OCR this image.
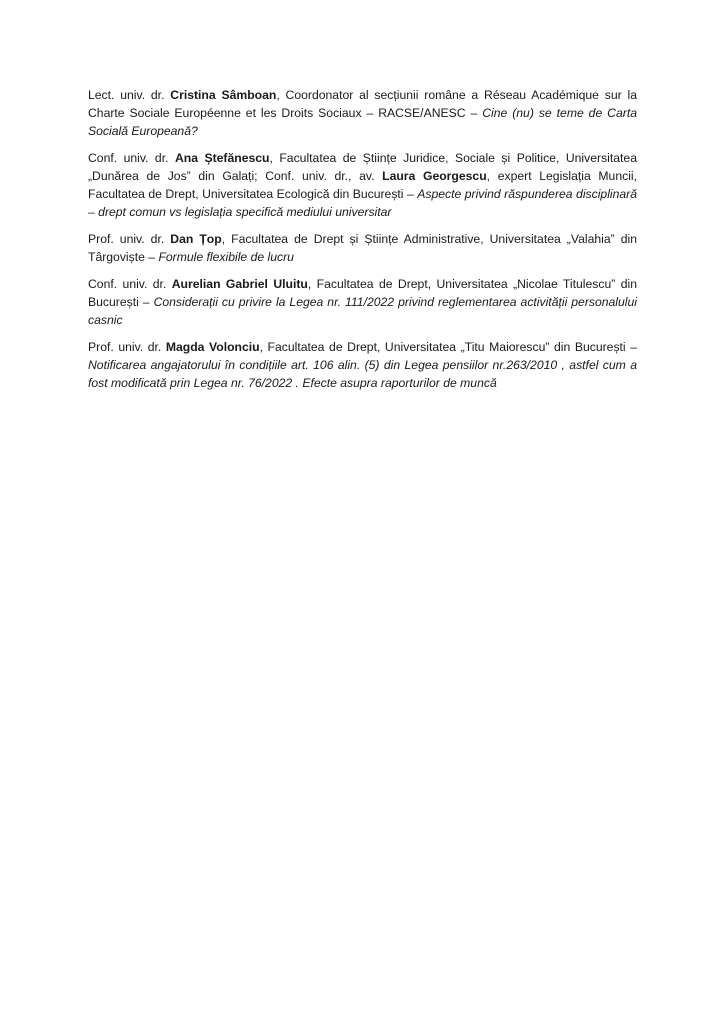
Lect. univ. dr. Cristina Sâmboan, Coordonator al secțiunii române a Réseau Académique sur la Charte Sociale Européenne et les Droits Sociaux – RACSE/ANESC – Cine (nu) se teme de Carta Socială Europeană?

Conf. univ. dr. Ana Ștefănescu, Facultatea de Științe Juridice, Sociale și Politice, Universitatea „Dunărea de Jos” din Galați; Conf. univ. dr., av. Laura Georgescu, expert Legislația Muncii, Facultatea de Drept, Universitatea Ecologică din București – Aspecte privind răspunderea disciplinară – drept comun vs legislația specifică mediului universitar

Prof. univ. dr. Dan Țop, Facultatea de Drept și Științe Administrative, Universitatea „Valahia” din Târgoviște – Formule flexibile de lucru

Conf. univ. dr. Aurelian Gabriel Uluitu, Facultatea de Drept, Universitatea „Nicolae Titulescu” din București – Considerații cu privire la Legea nr. 111/2022 privind reglementarea activității personalului casnic

Prof. univ. dr. Magda Volonciu, Facultatea de Drept, Universitatea „Titu Maiorescu” din București – Notificarea angajatorului în condițiile art. 106 alin. (5) din Legea pensiilor nr.263/2010 , astfel cum a fost modificată prin Legea nr. 76/2022 . Efecte asupra raporturilor de muncă
